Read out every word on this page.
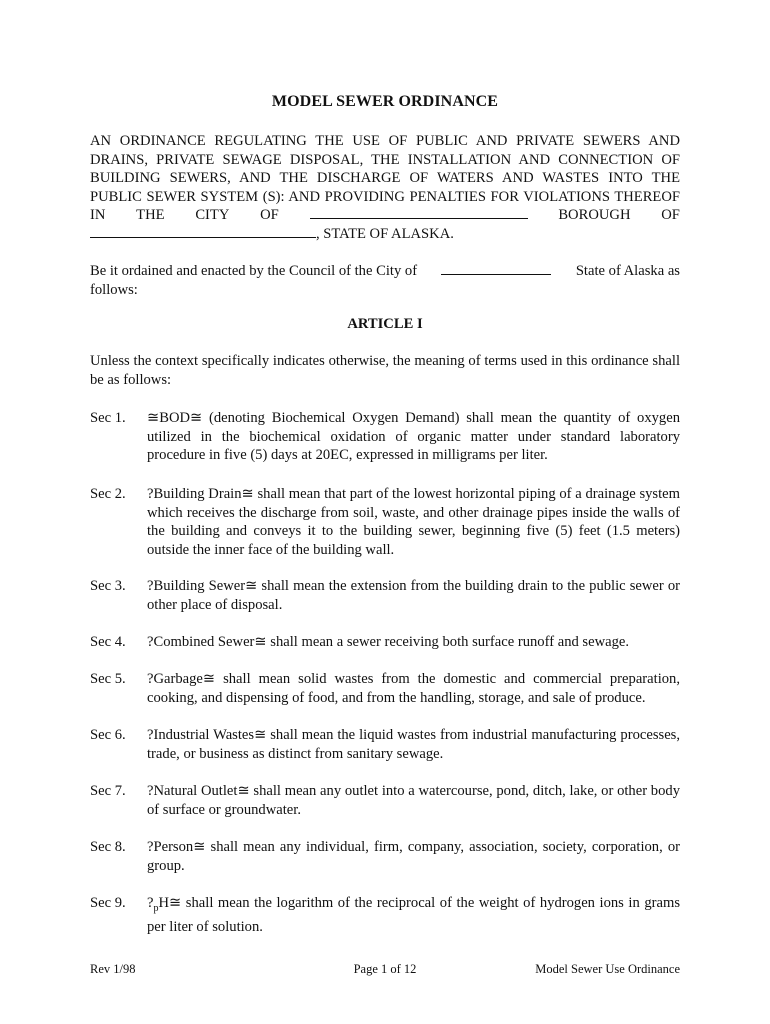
MODEL SEWER ORDINANCE
AN ORDINANCE REGULATING THE USE OF PUBLIC AND PRIVATE SEWERS AND
DRAINS, PRIVATE SEWAGE DISPOSAL, THE INSTALLATION AND CONNECTION OF
BUILDING SEWERS, AND THE DISCHARGE OF WATERS AND WASTES INTO THE
PUBLIC SEWER SYSTEM (S): AND PROVIDING PENALTIES FOR VIOLATIONS THEREOF
IN THE CITY OF	BOROUGH OF
, STATE OF ALASKA.
Be it ordained and enacted by the Council of the City of	State of Alaska as
follows:
ARTICLE I
Unless the context specifically indicates otherwise, the meaning of terms used in this ordinance shall be as follows:
Sec 1.	≅BOD≅ (denoting Biochemical Oxygen Demand) shall mean the quantity of oxygen utilized in the biochemical oxidation of organic matter under standard laboratory procedure in five (5) days at 20EC, expressed in milligrams per liter.
Sec 2.	?Building Drain≅ shall mean that part of the lowest horizontal piping of a drainage system which receives the discharge from soil, waste, and other drainage pipes inside the walls of the building and conveys it to the building sewer, beginning five (5) feet (1.5 meters) outside the inner face of the building wall.
Sec 3.	?Building Sewer≅ shall mean the extension from the building drain to the public sewer or other place of disposal.
Sec 4.	?Combined Sewer≅ shall mean a sewer receiving both surface runoff and sewage.
Sec 5.	?Garbage≅ shall mean solid wastes from the domestic and commercial preparation, cooking, and dispensing of food, and from the handling, storage, and sale of produce.
Sec 6.	?Industrial Wastes≅ shall mean the liquid wastes from industrial manufacturing processes, trade, or business as distinct from sanitary sewage.
Sec 7.	?Natural Outlet≅ shall mean any outlet into a watercourse, pond, ditch, lake, or other body of surface or groundwater.
Sec 8.	?Person≅ shall mean any individual, firm, company, association, society, corporation, or group.
Sec 9.	$?_pH≅$ shall mean the logarithm of the reciprocal of the weight of hydrogen ions in grams per liter of solution.
Rev 1/98	Page 1 of 12	Model Sewer Use Ordinance
